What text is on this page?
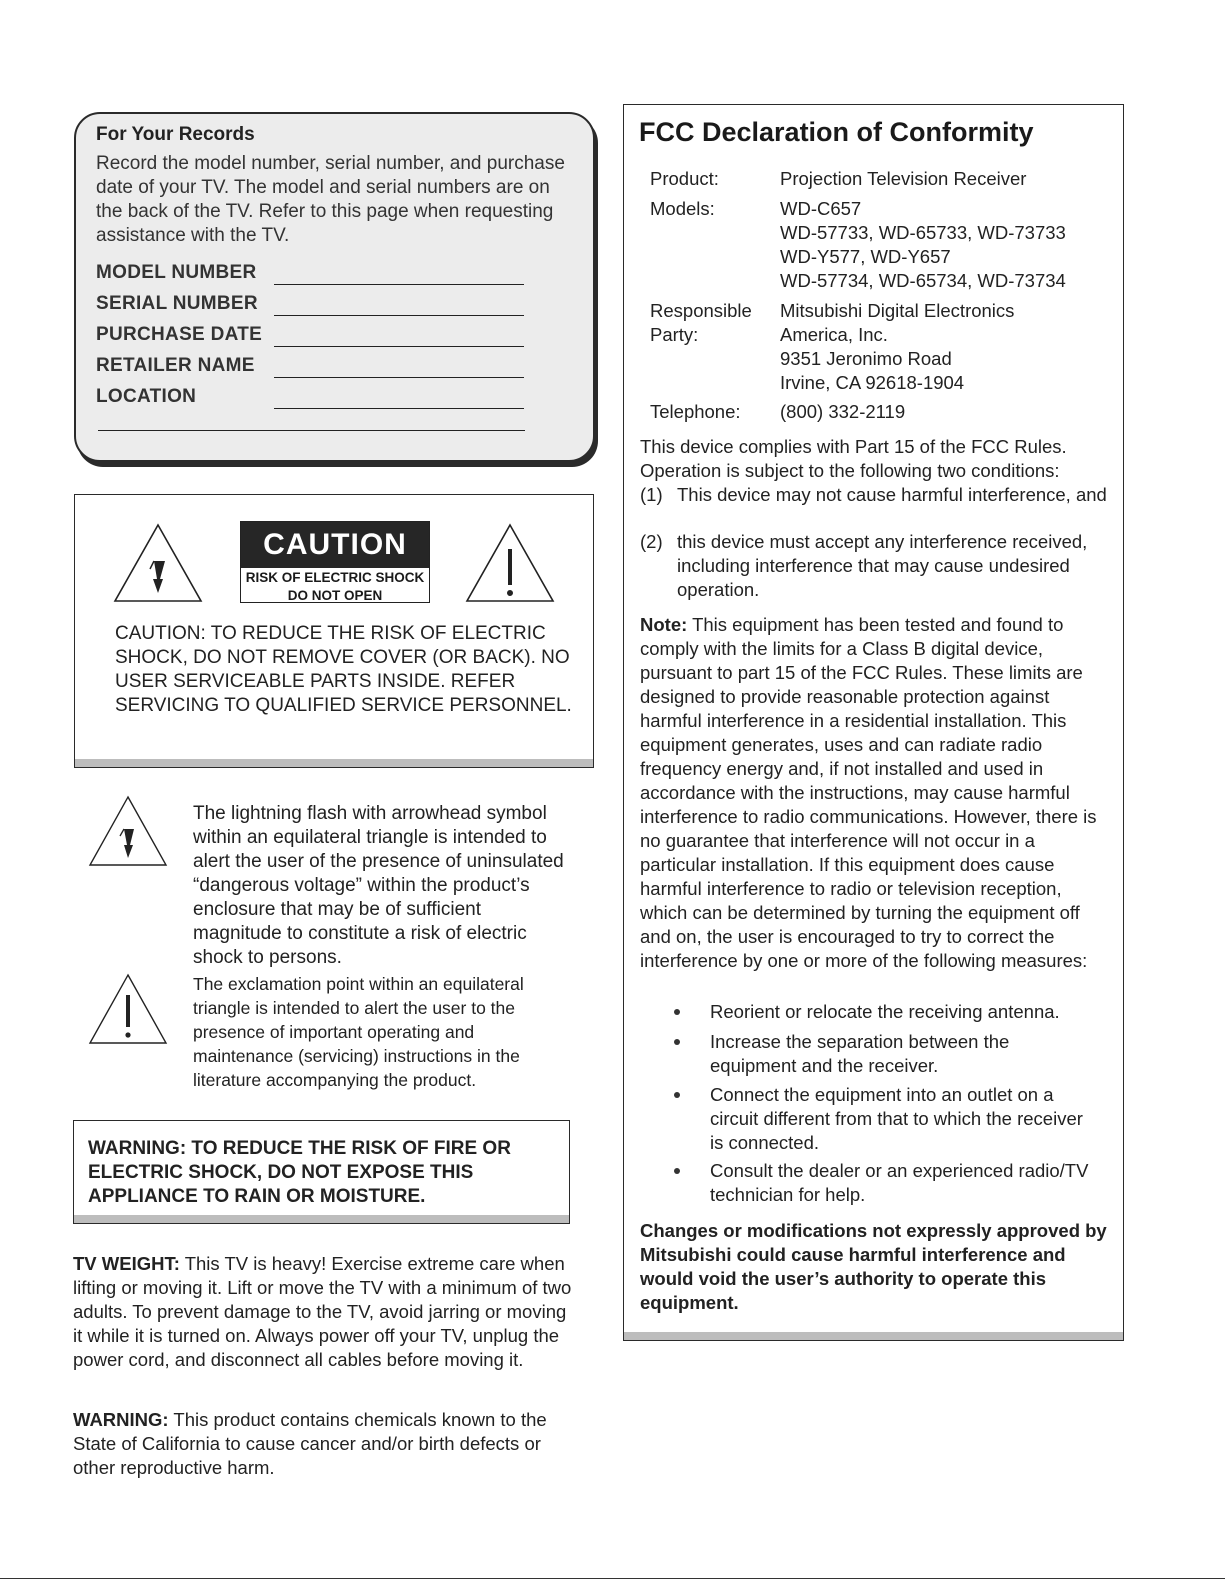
For Your Records
Record the model number, serial number, and purchase date of your TV. The model and serial numbers are on the back of the TV. Refer to this page when requesting assistance with the TV.
MODEL NUMBER
SERIAL NUMBER
PURCHASE DATE
RETAILER NAME
LOCATION
CAUTION
RISK OF ELECTRIC SHOCK
DO NOT OPEN
CAUTION: TO REDUCE THE RISK OF ELECTRIC SHOCK, DO NOT REMOVE COVER (OR BACK). NO USER SERVICEABLE PARTS INSIDE. REFER SERVICING TO QUALIFIED SERVICE PERSONNEL.
The lightning flash with arrowhead symbol within an equilateral triangle is intended to alert the user of the presence of uninsulated “dangerous voltage” within the product’s enclosure that may be of sufficient magnitude to constitute a risk of electric shock to persons.
The exclamation point within an equilateral triangle is intended to alert the user to the presence of important operating and maintenance (servicing) instructions in the literature accompanying the product.
WARNING: TO REDUCE THE RISK OF FIRE OR ELECTRIC SHOCK, DO NOT EXPOSE THIS APPLIANCE TO RAIN OR MOISTURE.
TV WEIGHT: This TV is heavy! Exercise extreme care when lifting or moving it. Lift or move the TV with a minimum of two adults. To prevent damage to the TV, avoid jarring or moving it while it is turned on. Always power off your TV, unplug the power cord, and disconnect all cables before moving it.
WARNING: This product contains chemicals known to the State of California to cause cancer and/or birth defects or other reproductive harm.
FCC Declaration of Conformity
Product:	Projection Television Receiver
Models:	WD-C657
WD-57733, WD-65733, WD-73733
WD-Y577, WD-Y657
WD-57734, WD-65734, WD-73734
Responsible
Party:
Mitsubishi Digital Electronics
America, Inc.
9351 Jeronimo Road
Irvine, CA 92618-1904
Telephone: (800) 332-2119
This device complies with Part 15 of the FCC Rules. Operation is subject to the following two conditions:
(1) This device may not cause harmful interference, and
(2) this device must accept any interference received, including interference that may cause undesired operation.
Note: This equipment has been tested and found to comply with the limits for a Class B digital device, pursuant to part 15 of the FCC Rules. These limits are designed to provide reasonable protection against harmful interference in a residential installation. This equipment generates, uses and can radiate radio frequency energy and, if not installed and used in accordance with the instructions, may cause harmful interference to radio communications. However, there is no guarantee that interference will not occur in a particular installation. If this equipment does cause harmful interference to radio or television reception, which can be determined by turning the equipment off and on, the user is encouraged to try to correct the interference by one or more of the following measures:
Reorient or relocate the receiving antenna.
Increase the separation between the equipment and the receiver.
Connect the equipment into an outlet on a circuit different from that to which the receiver is connected.
Consult the dealer or an experienced radio/TV technician for help.
Changes or modifications not expressly approved by Mitsubishi could cause harmful interference and would void the user’s authority to operate this equipment.
